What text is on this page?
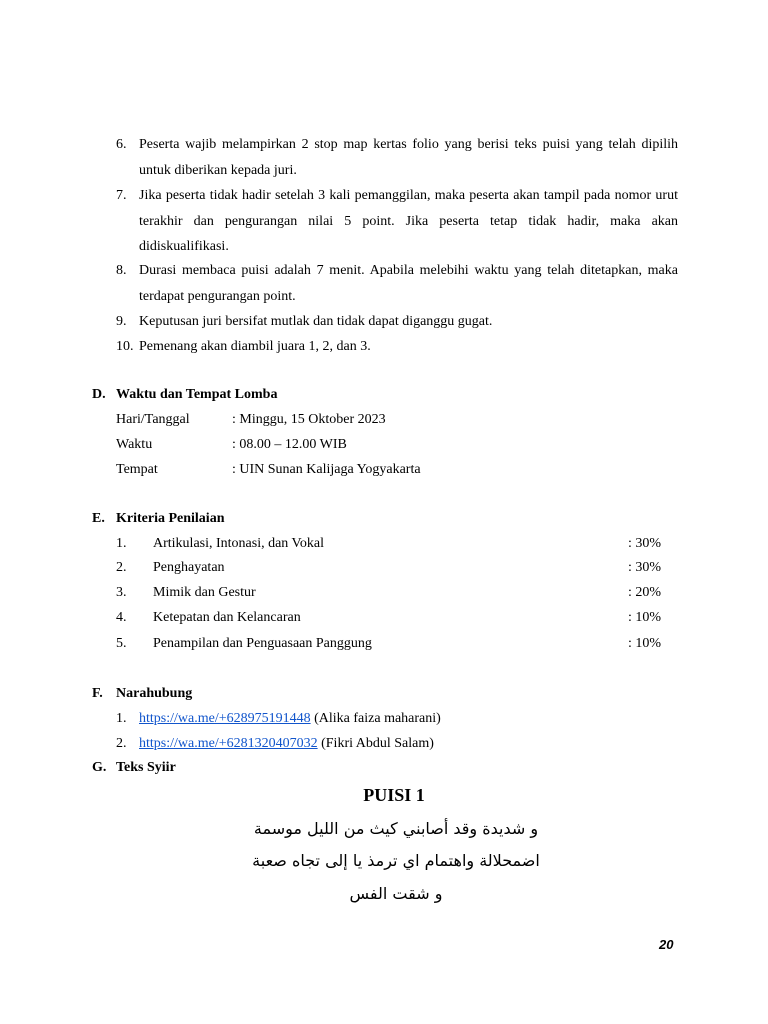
6. Peserta wajib melampirkan 2 stop map kertas folio yang berisi teks puisi yang telah dipilih untuk diberikan kepada juri.
7. Jika peserta tidak hadir setelah 3 kali pemanggilan, maka peserta akan tampil pada nomor urut terakhir dan pengurangan nilai 5 point. Jika peserta tetap tidak hadir, maka akan didiskualifikasi.
8. Durasi membaca puisi adalah 7 menit. Apabila melebihi waktu yang telah ditetapkan, maka terdapat pengurangan point.
9. Keputusan juri bersifat mutlak dan tidak dapat diganggu gugat.
10. Pemenang akan diambil juara 1, 2, dan 3.
D. Waktu dan Tempat Lomba
Hari/Tanggal	: Minggu, 15 Oktober 2023
Waktu	: 08.00 – 12.00 WIB
Tempat	: UIN Sunan Kalijaga Yogyakarta
E. Kriteria Penilaian
1. Artikulasi, Intonasi, dan Vokal	: 30%
2. Penghayatan	: 30%
3. Mimik dan Gestur	: 20%
4. Ketepatan dan Kelancaran	: 10%
5. Penampilan dan Penguasaan Panggung	: 10%
F. Narahubung
1. https://wa.me/+628975191448 (Alika faiza maharani)
2. https://wa.me/+6281320407032 (Fikri Abdul Salam)
G. Teks Syiir
PUISI 1
و شديدة وقد أصابني كيث من الليل موسمة
اضمحلالة واهتمام اي ترمذ يا إلى تجاه صعبة
و شقت الفس
20
